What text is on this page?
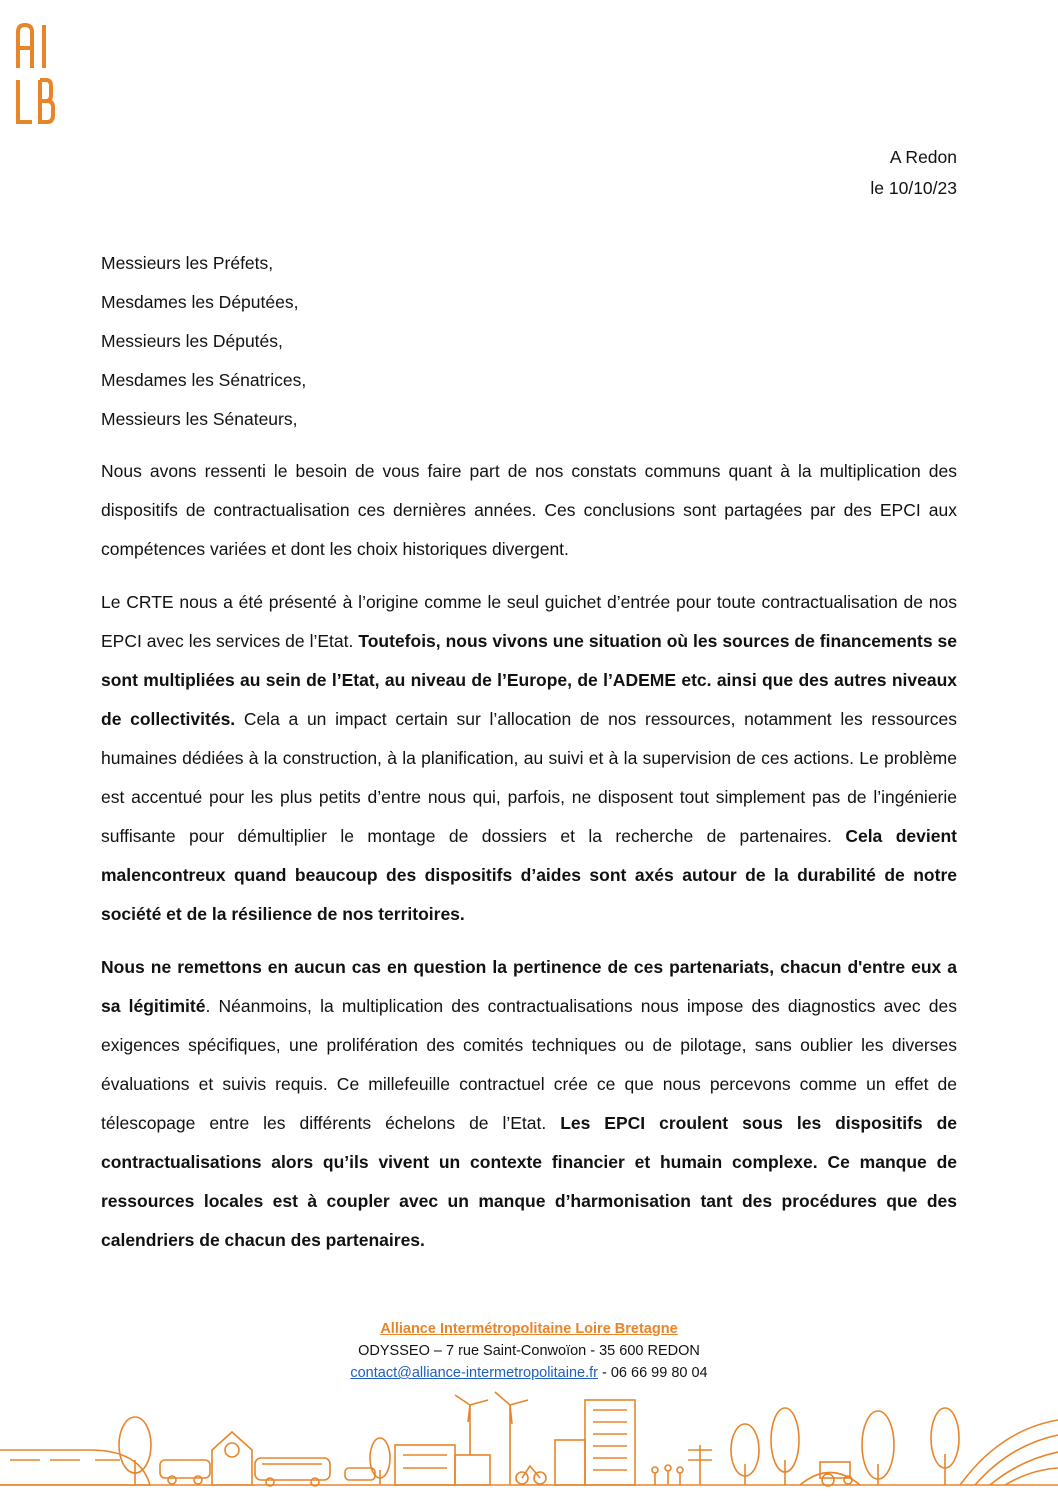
A Redon
le 10/10/23
Messieurs les Préfets,
Mesdames les Députées,
Messieurs les Députés,
Mesdames les Sénatrices,
Messieurs les Sénateurs,

Nous avons ressenti le besoin de vous faire part de nos constats communs quant à la multiplication des dispositifs de contractualisation ces dernières années. Ces conclusions sont partagées par des EPCI aux compétences variées et dont les choix historiques divergent.

Le CRTE nous a été présenté à l’origine comme le seul guichet d’entrée pour toute contractualisation de nos EPCI avec les services de l’Etat. Toutefois, nous vivons une situation où les sources de financements se sont multipliées au sein de l’Etat, au niveau de l’Europe, de l’ADEME etc. ainsi que des autres niveaux de collectivités. Cela a un impact certain sur l’allocation de nos ressources, notamment les ressources humaines dédiées à la construction, à la planification, au suivi et à la supervision de ces actions. Le problème est accentué pour les plus petits d’entre nous qui, parfois, ne disposent tout simplement pas de l’ingénierie suffisante pour démultiplier le montage de dossiers et la recherche de partenaires. Cela devient malencontreux quand beaucoup des dispositifs d’aides sont axés autour de la durabilité de notre société et de la résilience de nos territoires.

Nous ne remettons en aucun cas en question la pertinence de ces partenariats, chacun d'entre eux a sa légitimité. Néanmoins, la multiplication des contractualisations nous impose des diagnostics avec des exigences spécifiques, une prolifération des comités techniques ou de pilotage, sans oublier les diverses évaluations et suivis requis. Ce millefeuille contractuel crée ce que nous percevons comme un effet de télescopage entre les différents échelons de l’Etat. Les EPCI croulent sous les dispositifs de contractualisations alors qu’ils vivent un contexte financier et humain complexe. Ce manque de ressources locales est à coupler avec un manque d’harmonisation tant des procédures que des calendriers de chacun des partenaires.

Alliance Intermétropolitaine Loire Bretagne
ODYSSEO – 7 rue Saint-Conwoïon - 35 600 REDON
contact@alliance-intermetropolitaine.fr - 06 66 99 80 04
